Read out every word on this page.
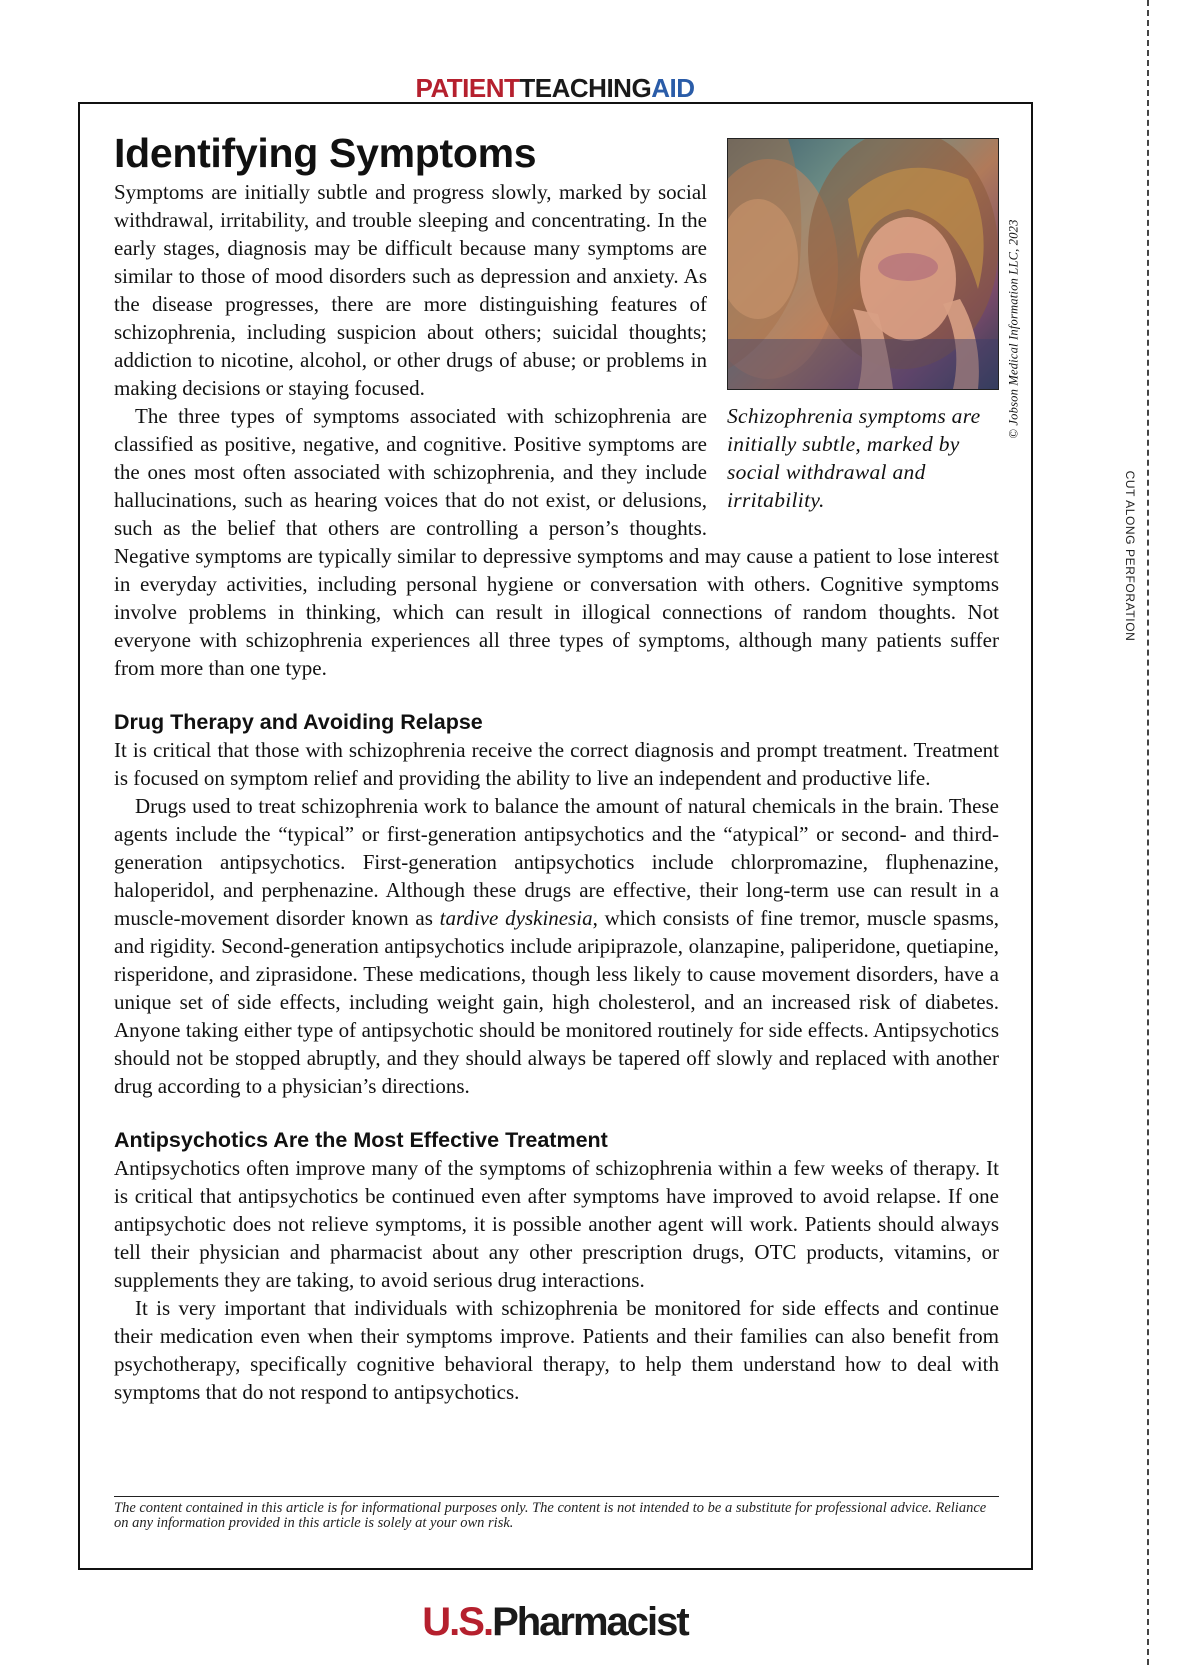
PATIENTTEACHINGAID
Identifying Symptoms
Schizophrenia symptoms are initially subtle, marked by social withdrawal and irritability.

Symptoms are initially subtle and progress slowly, marked by social withdrawal, irritability, and trouble sleeping and concentrating. In the early stages, diagnosis may be difficult because many symptoms are similar to those of mood disorders such as depression and anxiety. As the disease progresses, there are more distinguishing features of schizophrenia, including suspicion about others; suicidal thoughts; addiction to nicotine, alcohol, or other drugs of abuse; or problems in making decisions or staying focused.

The three types of symptoms associated with schizophrenia are classified as positive, negative, and cognitive. Positive symptoms are the ones most often associated with schizophrenia, and they include hallucinations, such as hearing voices that do not exist, or delusions, such as the belief that others are controlling a person’s thoughts. Negative symptoms are typically similar to depressive symptoms and may cause a patient to lose interest in everyday activities, including personal hygiene or conversation with others. Cognitive symptoms involve problems in thinking, which can result in illogical connections of random thoughts. Not everyone with schizophrenia experiences all three types of symptoms, although many patients suffer from more than one type.

Drug Therapy and Avoiding Relapse

It is critical that those with schizophrenia receive the correct diagnosis and prompt treatment. Treatment is focused on symptom relief and providing the ability to live an independent and productive life.

Drugs used to treat schizophrenia work to balance the amount of natural chemicals in the brain. These agents include the “typical” or first-generation antipsychotics and the “atypical” or second- and third-generation antipsychotics. First-generation antipsychotics include chlorpromazine, fluphenazine, haloperidol, and perphenazine. Although these drugs are effective, their long-term use can result in a muscle-movement disorder known as tardive dyskinesia, which consists of fine tremor, muscle spasms, and rigidity. Second-generation antipsychotics include aripiprazole, olanzapine, paliperidone, quetiapine, risperidone, and ziprasidone. These medications, though less likely to cause movement disorders, have a unique set of side effects, including weight gain, high cholesterol, and an increased risk of diabetes. Anyone taking either type of antipsychotic should be monitored routinely for side effects. Antipsychotics should not be stopped abruptly, and they should always be tapered off slowly and replaced with another drug according to a physician’s directions.

Antipsychotics Are the Most Effective Treatment

Antipsychotics often improve many of the symptoms of schizophrenia within a few weeks of therapy. It is critical that antipsychotics be continued even after symptoms have improved to avoid relapse. If one antipsychotic does not relieve symptoms, it is possible another agent will work. Patients should always tell their physician and pharmacist about any other prescription drugs, OTC products, vitamins, or supplements they are taking, to avoid serious drug interactions.

It is very important that individuals with schizophrenia be monitored for side effects and continue their medication even when their symptoms improve. Patients and their families can also benefit from psychotherapy, specifically cognitive behavioral therapy, to help them understand how to deal with symptoms that do not respond to antipsychotics.

© Jobson Medical Information LLC, 2023
The content contained in this article is for informational purposes only. The content is not intended to be a substitute for professional advice. Reliance on any information provided in this article is solely at your own risk.
CUT ALONG PERFORATION
U.S.Pharmacist
